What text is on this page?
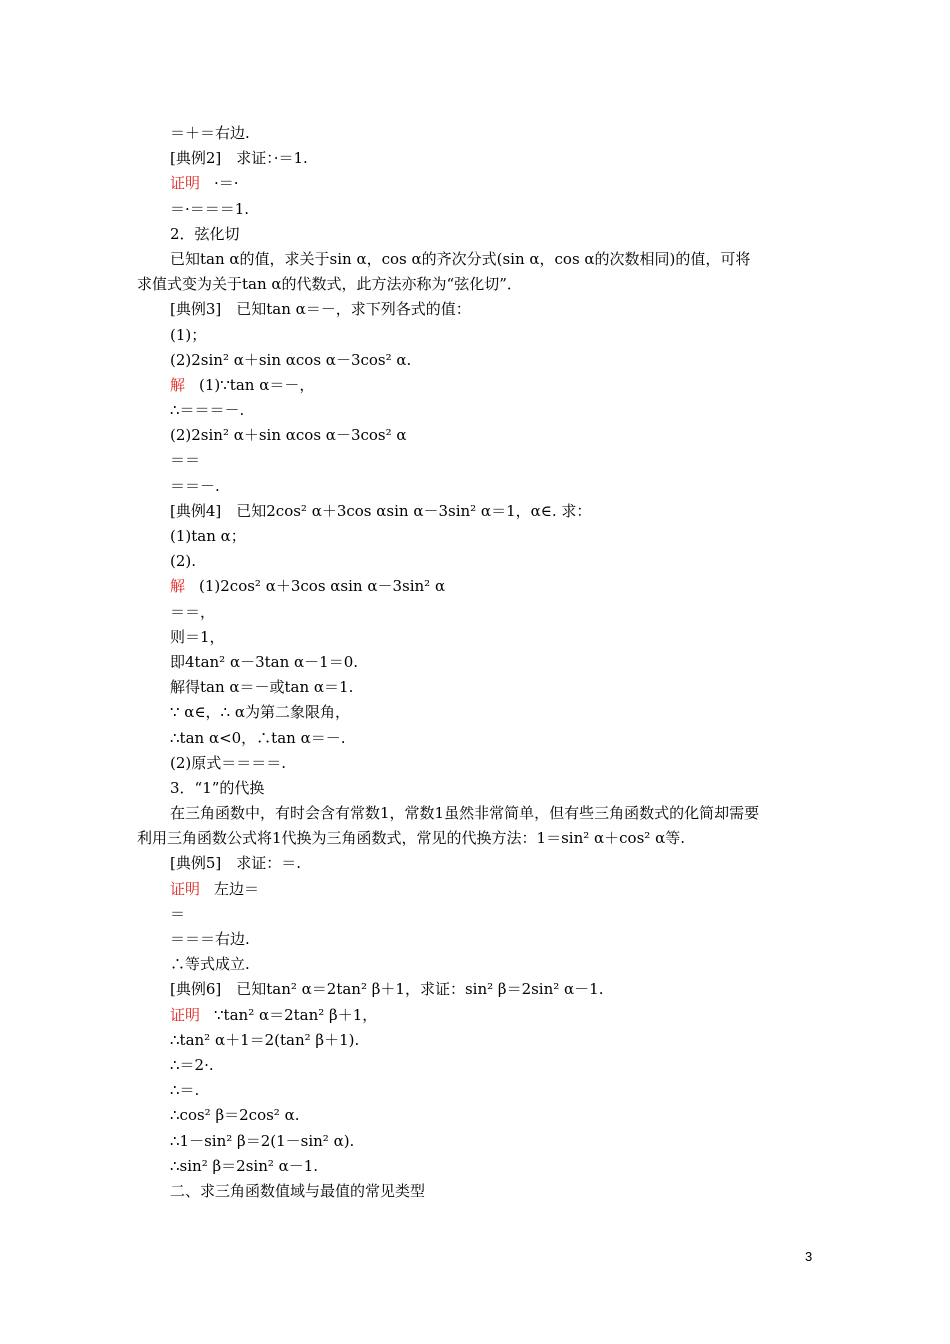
＝＋＝右边.
[典例2]　求证：·＝1.
证明 ·＝·
＝·＝＝＝1.
2．弦化切
已知tan α的值，求关于sin α，cos α的齐次分式(sin α，cos α的次数相同)的值，可将
求值式变为关于tan α的代数式，此方法亦称为“弦化切”．
[典例3]　已知tan α＝－，求下列各式的值：
(1)；
(2)2sin² α＋sin αcos α－3cos² α.
解 (1)∵tan α＝－，
∴＝＝＝－.
(2)2sin² α＋sin αcos α－3cos² α
＝＝
＝＝－.
[典例4]　已知2cos² α＋3cos αsin α－3sin² α＝1，α∈. 求：
(1)tan α；
(2).
解 (1)2cos² α＋3cos αsin α－3sin² α
＝＝，
则＝1，
即4tan² α－3tan α－1＝0.
解得tan α＝－或tan α＝1.
∵ α∈，∴ α为第二象限角，
∴tan α<0，∴tan α＝－.
(2)原式＝＝＝＝.
3．“1”的代换
在三角函数中，有时会含有常数1，常数1虽然非常简单，但有些三角函数式的化简却需要
利用三角函数公式将1代换为三角函数式，常见的代换方法：1＝sin² α＋cos² α等.
[典例5]　求证：＝.
证明 左边＝
＝
＝＝＝右边.
∴等式成立.
[典例6]　已知tan² α＝2tan² β＋1，求证：sin² β＝2sin² α－1.
证明 ∵tan² α＝2tan² β＋1，
∴tan² α＋1＝2(tan² β＋1).
∴＝2·.
∴＝.
∴cos² β＝2cos² α.
∴1－sin² β＝2(1－sin² α).
∴sin² β＝2sin² α－1.
二、求三角函数值域与最值的常见类型
3
